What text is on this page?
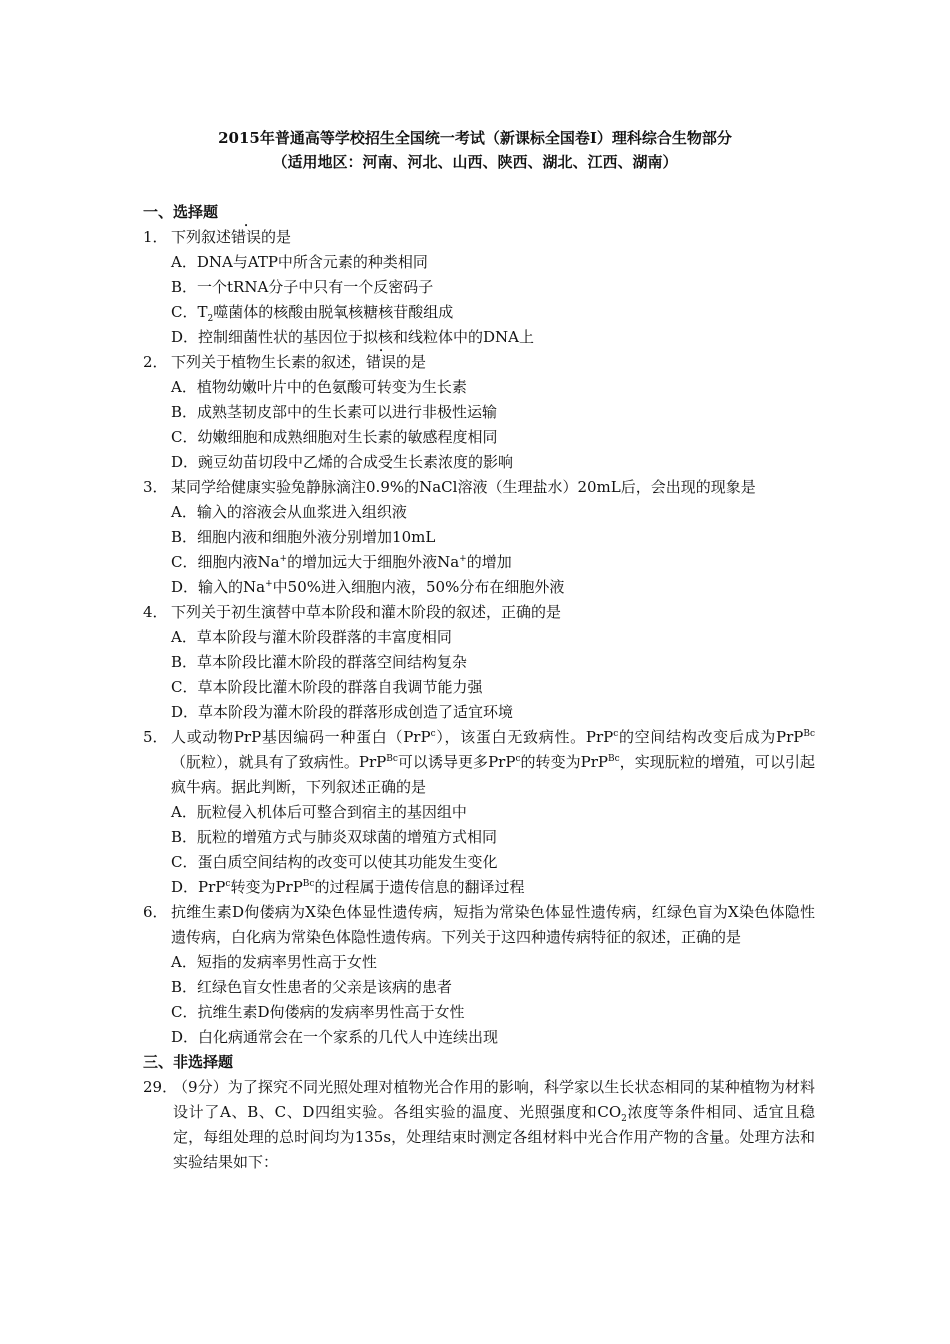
2015年普通高等学校招生全国统一考试（新课标全国卷Ⅰ）理科综合生物部分
（适用地区：河南、河北、山西、陕西、湖北、江西、湖南）
一、选择题
1． 下列叙述错误的是
A．DNA与ATP中所含元素的种类相同
B．一个tRNA分子中只有一个反密码子
C．$T_2$噬菌体的核酸由脱氧核糖核苷酸组成
D．控制细菌性状的基因位于拟核和线粒体中的DNA上
2． 下列关于植物生长素的叙述，错误的是
A．植物幼嫩叶片中的色氨酸可转变为生长素
B．成熟茎韧皮部中的生长素可以进行非极性运输
C．幼嫩细胞和成熟细胞对生长素的敏感程度相同
D．豌豆幼苗切段中乙烯的合成受生长素浓度的影响
3． 某同学给健康实验兔静脉滴注0.9%的NaCl溶液（生理盐水）20mL后，会出现的现象是
A．输入的溶液会从血浆进入组织液
B．细胞内液和细胞外液分别增加10mL
C．细胞内液Na+的增加远大于细胞外液Na+的增加
D．输入的Na+中50%进入细胞内液，50%分布在细胞外液
4． 下列关于初生演替中草本阶段和灌木阶段的叙述，正确的是
A．草本阶段与灌木阶段群落的丰富度相同
B．草本阶段比灌木阶段的群落空间结构复杂
C．草本阶段比灌木阶段的群落自我调节能力强
D．草本阶段为灌木阶段的群落形成创造了适宜环境
5． 人或动物PrP基因编码一种蛋白（PrP$^c$），该蛋白无致病性。PrP$^c$的空间结构改变后成为PrP$^{Bc}$（朊粒），就具有了致病性。PrP$^{Bc}$可以诱导更多PrP$^c$的转变为PrP$^{Bc}$，实现朊粒的增殖，可以引起疯牛病。据此判断，下列叙述正确的是
A．朊粒侵入机体后可整合到宿主的基因组中
B．朊粒的增殖方式与肺炎双球菌的增殖方式相同
C．蛋白质空间结构的改变可以使其功能发生变化
D．PrP$^c$转变为PrP$^{Bc}$的过程属于遗传信息的翻译过程
6． 抗维生素D佝偻病为X染色体显性遗传病，短指为常染色体显性遗传病，红绿色盲为X染色体隐性遗传病，白化病为常染色体隐性遗传病。下列关于这四种遗传病特征的叙述，正确的是
A．短指的发病率男性高于女性
B．红绿色盲女性患者的父亲是该病的患者
C．抗维生素D佝偻病的发病率男性高于女性
D．白化病通常会在一个家系的几代人中连续出现
三、非选择题
29．
（9分）为了探究不同光照处理对植物光合作用的影响，科学家以生长状态相同的某种植物为材料设计了A、B、C、D四组实验。各组实验的温度、光照强度和$CO_2$浓度等条件相同、适宜且稳定，每组处理的总时间均为135s，处理结束时测定各组材料中光合作用产物的含量。处理方法和实验结果如下：
